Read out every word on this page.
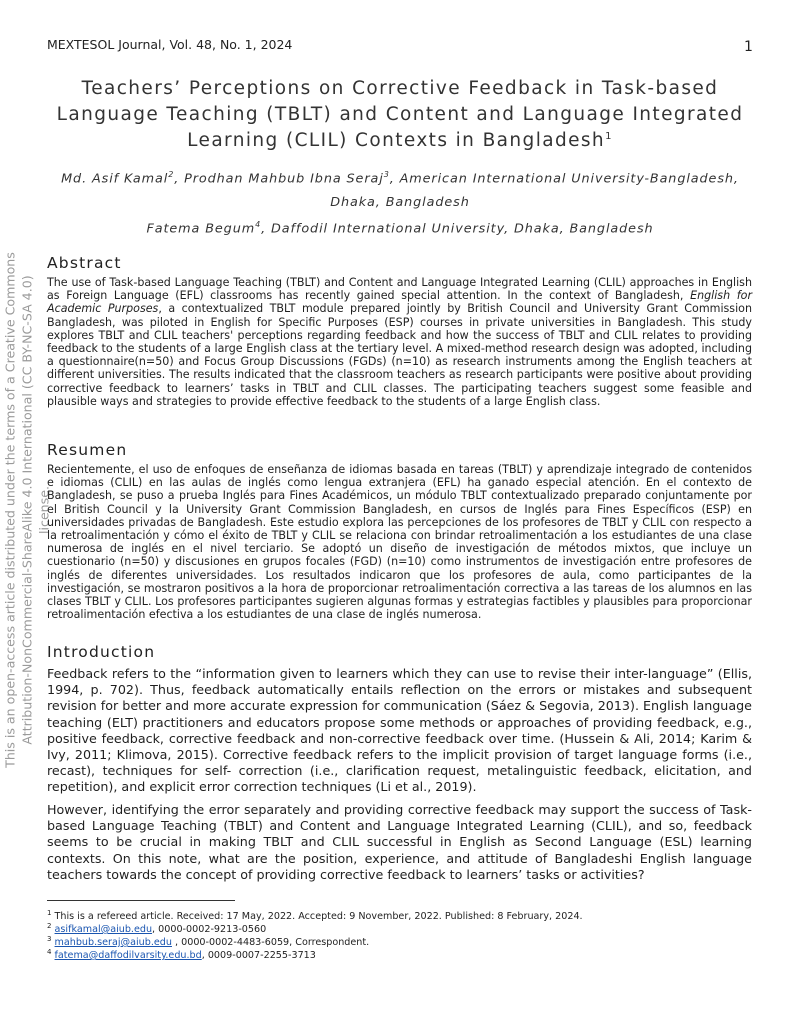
MEXTESOL Journal, Vol. 48, No. 1, 2024	1
Teachers’ Perceptions on Corrective Feedback in Task-based Language Teaching (TBLT) and Content and Language Integrated Learning (CLIL) Contexts in Bangladesh$^1$
Md. Asif Kamal$^2$, Prodhan Mahbub Ibna Seraj$^3$, American International University-Bangladesh, Dhaka, Bangladesh
Fatema Begum$^4$, Daffodil International University, Dhaka, Bangladesh
This is an open-access article distributed under the terms of a Creative Commons Attribution-NonCommercial-ShareAlike 4.0 International (CC BY-NC-SA 4.0) license.
Abstract

The use of Task-based Language Teaching (TBLT) and Content and Language Integrated Learning (CLIL) approaches in English as Foreign Language (EFL) classrooms has recently gained special attention. In the context of Bangladesh, English for Academic Purposes, a contextualized TBLT module prepared jointly by British Council and University Grant Commission Bangladesh, was piloted in English for Specific Purposes (ESP) courses in private universities in Bangladesh. This study explores TBLT and CLIL teachers' perceptions regarding feedback and how the success of TBLT and CLIL relates to providing feedback to the students of a large English class at the tertiary level. A mixed-method research design was adopted, including a questionnaire(n=50) and Focus Group Discussions (FGDs) (n=10) as research instruments among the English teachers at different universities. The results indicated that the classroom teachers as research participants were positive about providing corrective feedback to learners’ tasks in TBLT and CLIL classes. The participating teachers suggest some feasible and plausible ways and strategies to provide effective feedback to the students of a large English class.

Resumen

Recientemente, el uso de enfoques de enseñanza de idiomas basada en tareas (TBLT) y aprendizaje integrado de contenidos e idiomas (CLIL) en las aulas de inglés como lengua extranjera (EFL) ha ganado especial atención. En el contexto de Bangladesh, se puso a prueba Inglés para Fines Académicos, un módulo TBLT contextualizado preparado conjuntamente por el British Council y la University Grant Commission Bangladesh, en cursos de Inglés para Fines Específicos (ESP) en universidades privadas de Bangladesh. Este estudio explora las percepciones de los profesores de TBLT y CLIL con respecto a la retroalimentación y cómo el éxito de TBLT y CLIL se relaciona con brindar retroalimentación a los estudiantes de una clase numerosa de inglés en el nivel terciario. Se adoptó un diseño de investigación de métodos mixtos, que incluye un cuestionario (n=50) y discusiones en grupos focales (FGD) (n=10) como instrumentos de investigación entre profesores de inglés de diferentes universidades. Los resultados indicaron que los profesores de aula, como participantes de la investigación, se mostraron positivos a la hora de proporcionar retroalimentación correctiva a las tareas de los alumnos en las clases TBLT y CLIL. Los profesores participantes sugieren algunas formas y estrategias factibles y plausibles para proporcionar retroalimentación efectiva a los estudiantes de una clase de inglés numerosa.

Introduction

Feedback refers to the “information given to learners which they can use to revise their inter-language” (Ellis, 1994, p. 702). Thus, feedback automatically entails reflection on the errors or mistakes and subsequent revision for better and more accurate expression for communication (Sáez & Segovia, 2013). English language teaching (ELT) practitioners and educators propose some methods or approaches of providing feedback, e.g., positive feedback, corrective feedback and non-corrective feedback over time. (Hussein & Ali, 2014; Karim & Ivy, 2011; Klimova, 2015). Corrective feedback refers to the implicit provision of target language forms (i.e., recast), techniques for self- correction (i.e., clarification request, metalinguistic feedback, elicitation, and repetition), and explicit error correction techniques (Li et al., 2019).

However, identifying the error separately and providing corrective feedback may support the success of Task-based Language Teaching (TBLT) and Content and Language Integrated Learning (CLIL), and so, feedback seems to be crucial in making TBLT and CLIL successful in English as Second Language (ESL) learning contexts. On this note, what are the position, experience, and attitude of Bangladeshi English language teachers towards the concept of providing corrective feedback to learners’ tasks or activities?

$^1$ This is a refereed article. Received: 17 May, 2022. Accepted: 9 November, 2022. Published: 8 February, 2024.
$^2$ asifkamal@aiub.edu, 0000-0002-9213-0560
$^3$ mahbub.seraj@aiub.edu , 0000-0002-4483-6059, Correspondent.
$^4$ fatema@daffodilvarsity.edu.bd, 0009-0007-2255-3713
